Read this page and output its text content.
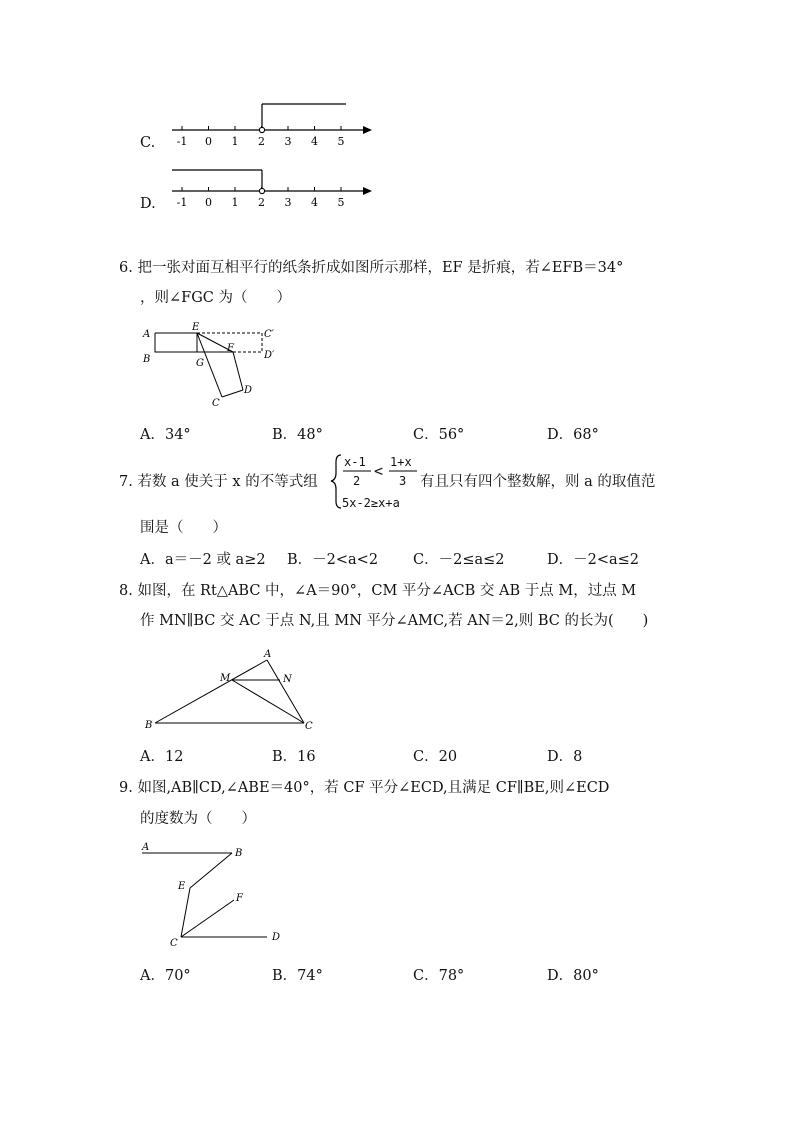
C. -1 0 1 2 3 4 5
-1 0 1 2 3 4 5
D.
6. 把一张对面互相平行的纸条折成如图所示那样，EF 是折痕，若∠EFB＝34°
，则∠FGC 为（　　）
A
B
E
G
F
C′
D′
C
D
A．34°	B．48°	C．56°	D．68°
7. 若数 a 使关于 x 的不等式组
x-1
2
< 1+x
3
5x-2≥x+a
有且只有四个整数解，则 a 的取值范
围是（　　）
A．a＝－2 或 a≥2 B．－2<a<2 C．－2≤a≤2	D．－2<a≤2
8. 如图，在 Rt△ABC 中，∠A＝90°，CM 平分∠ACB 交 AB 于点 M，过点 M
作 MN∥BC 交 AC 于点 N,且 MN 平分∠AMC,若 AN＝2,则 BC 的长为(　　)
A
M	N
B	C
A．12	B．16	C．20	D．8
9. 如图,AB∥CD,∠ABE＝40°，若 CF 平分∠ECD,且满足 CF∥BE,则∠ECD
的度数为（　　）
A
B
E
F
C
D
A．70°	B．74°	C．78°	D．80°
